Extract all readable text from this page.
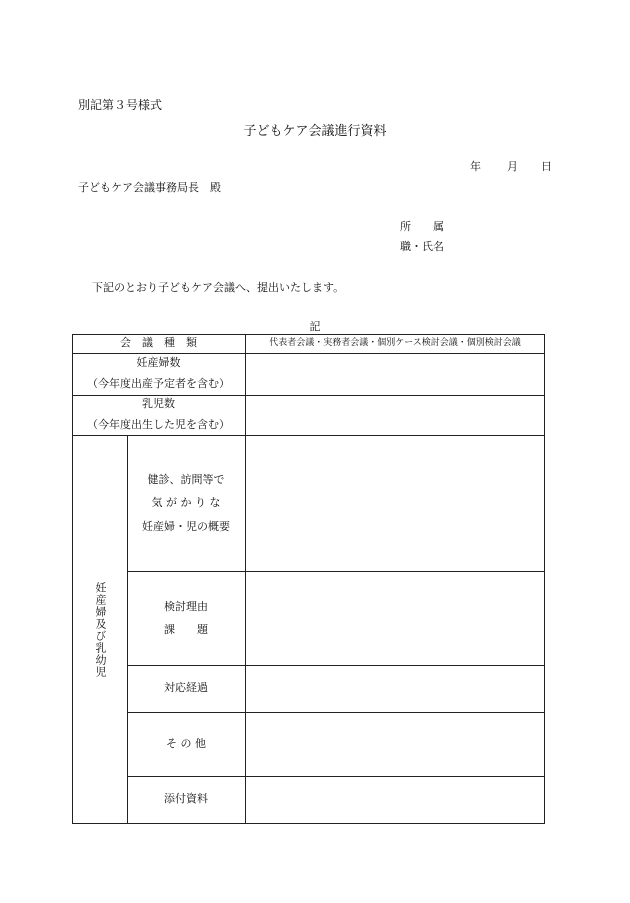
別記第３号様式
子どもケア会議進行資料
年 月 日
子どもケア会議事務局長　殿
所　　属
職・氏名
下記のとおり子どもケア会議へ、提出いたします。
記
会　議　種　類	代表者会議・実務者会議・個別ケース検討会議・個別検討会議
妊産婦数
（今年度出産予定者を含む）
乳児数
（今年度出生した児を含む）
妊産婦及び乳幼児
健診、訪問等で
気 が か り な
妊産婦・児の概要
検討理由
課　　題
対応経過
そ の 他
添付資料
